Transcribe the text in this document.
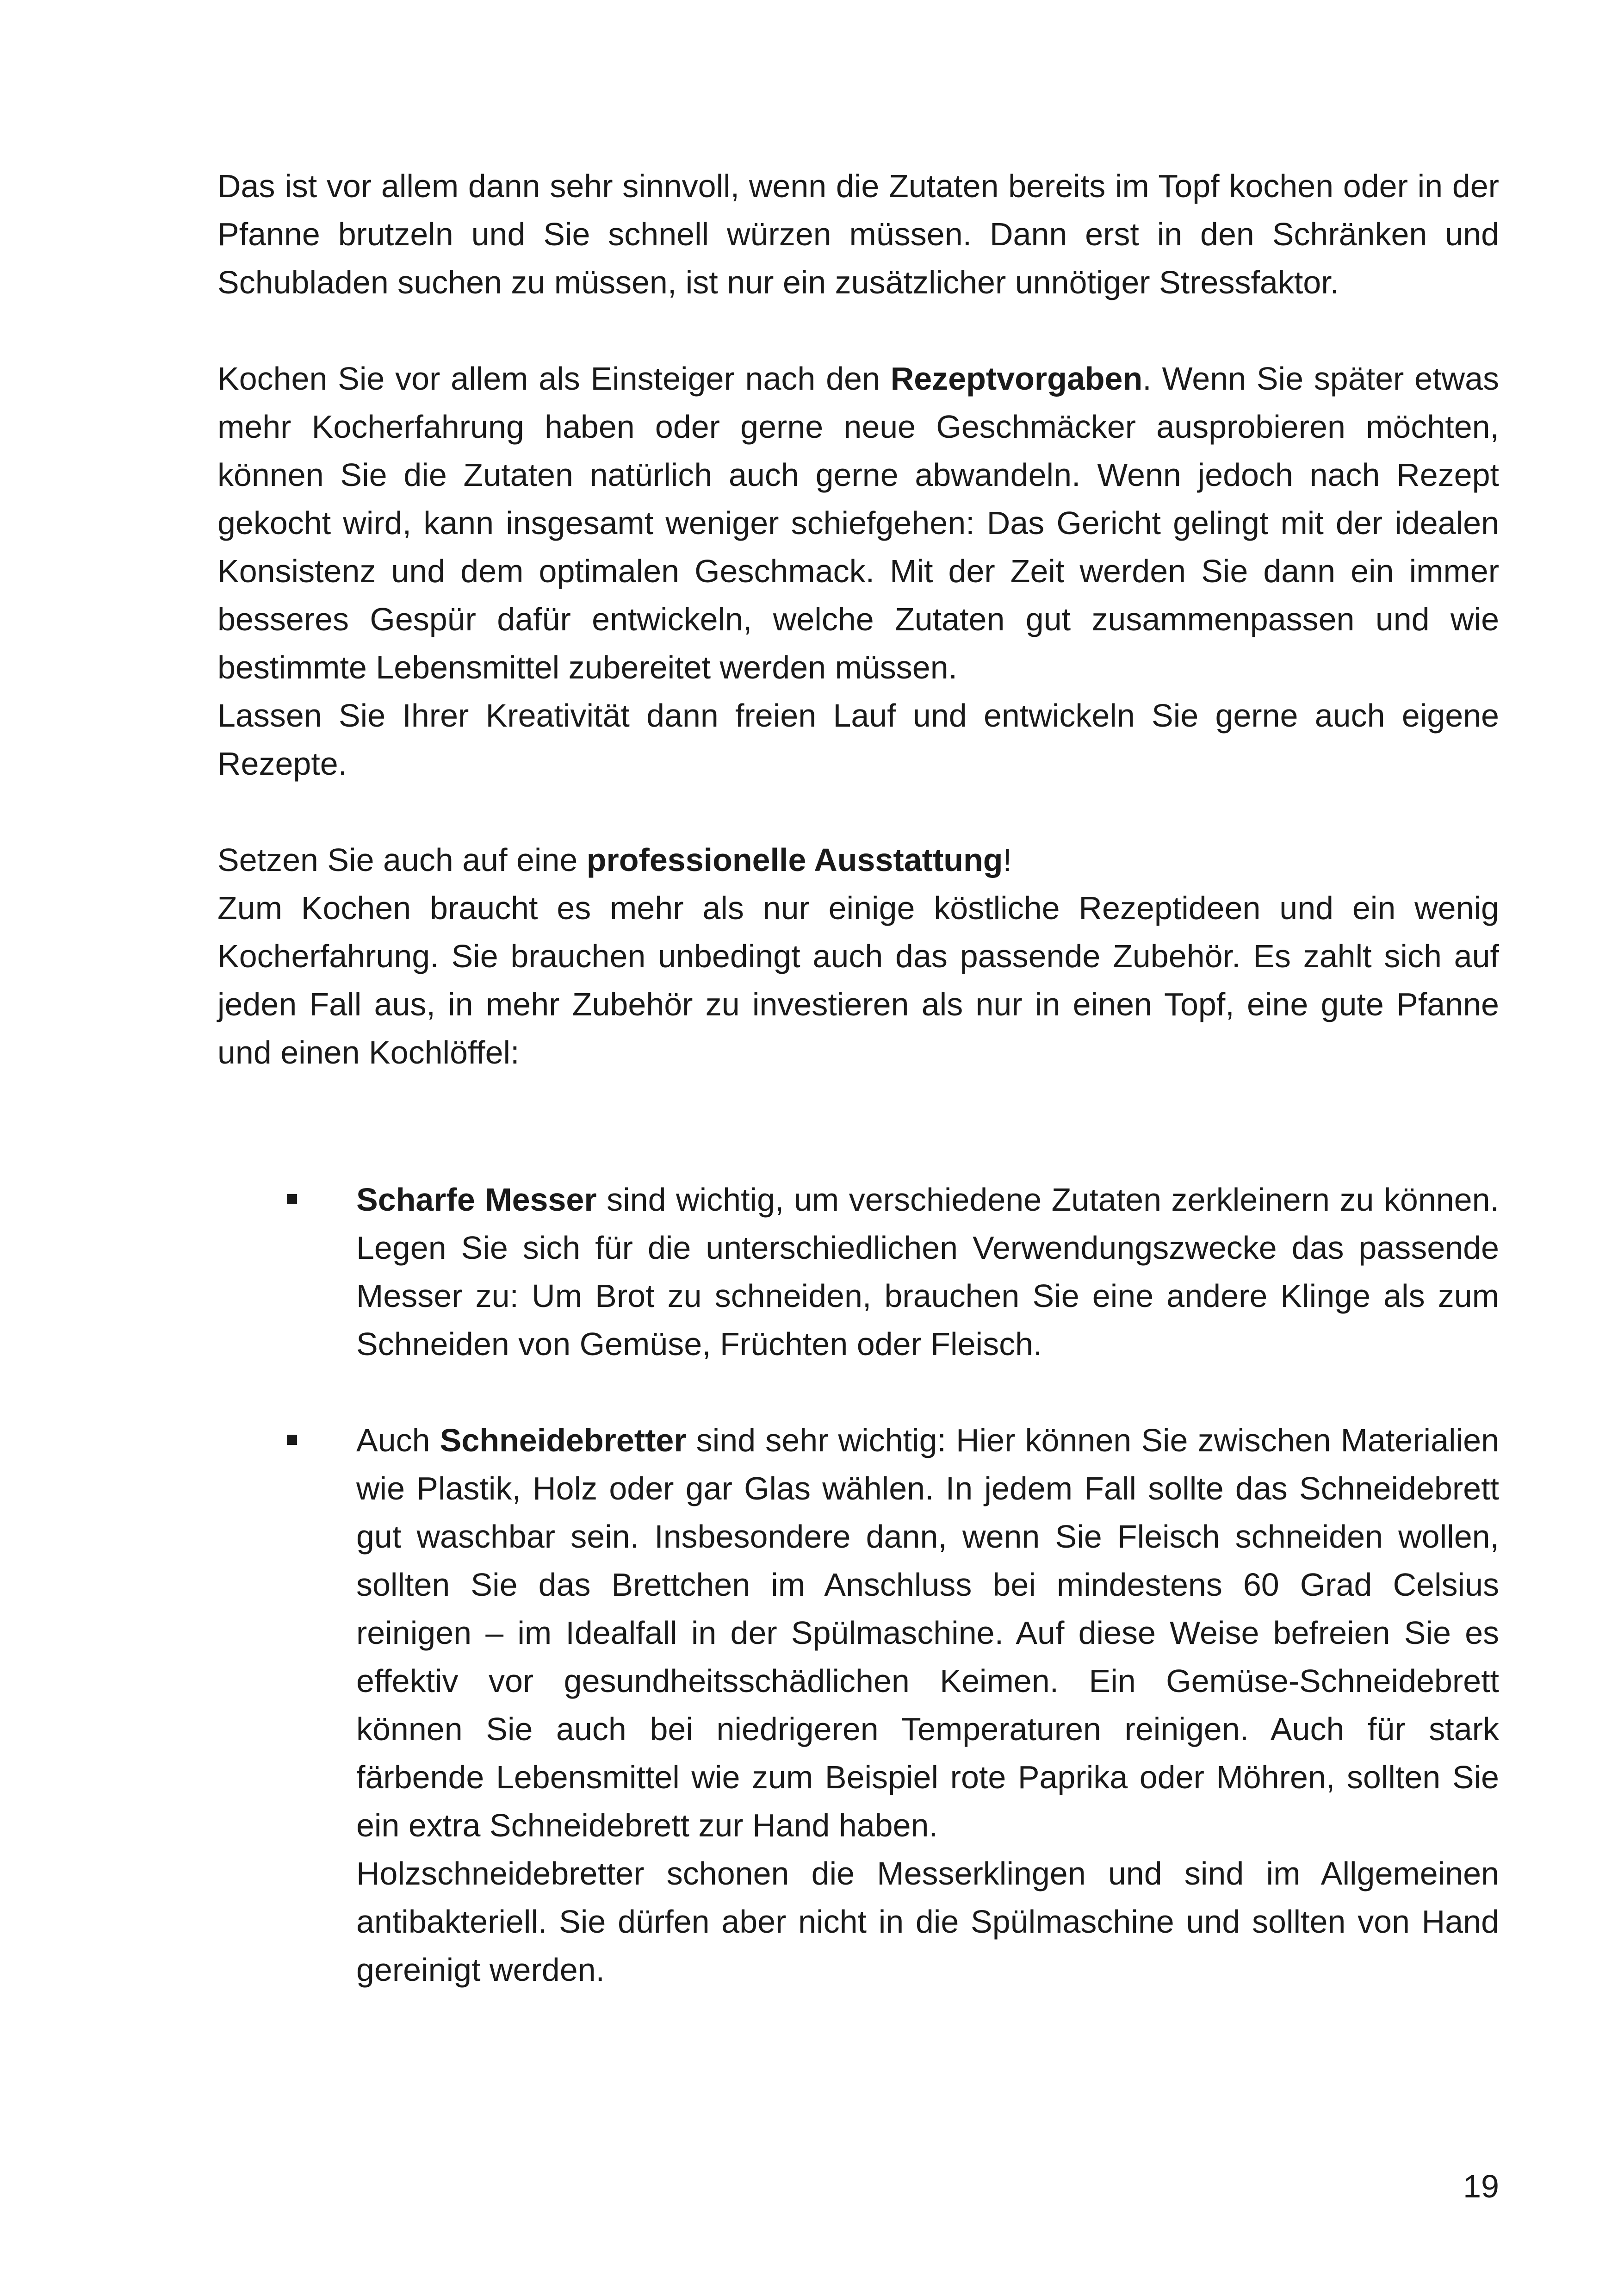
Das ist vor allem dann sehr sinnvoll, wenn die Zutaten bereits im Topf kochen oder in der Pfanne brutzeln und Sie schnell würzen müssen. Dann erst in den Schränken und Schubladen suchen zu müssen, ist nur ein zusätzlicher unnötiger Stressfaktor.

Kochen Sie vor allem als Einsteiger nach den Rezeptvorgaben. Wenn Sie später etwas mehr Kocherfahrung haben oder gerne neue Geschmäcker ausprobieren möchten, können Sie die Zutaten natürlich auch gerne abwandeln. Wenn jedoch nach Rezept gekocht wird, kann insgesamt weniger schiefgehen: Das Gericht gelingt mit der idealen Konsistenz und dem optimalen Geschmack. Mit der Zeit werden Sie dann ein immer besseres Gespür dafür entwickeln, welche Zutaten gut zusammenpassen und wie bestimmte Lebensmittel zubereitet werden müssen.

Lassen Sie Ihrer Kreativität dann freien Lauf und entwickeln Sie gerne auch eigene Rezepte.

Setzen Sie auch auf eine professionelle Ausstattung!

Zum Kochen braucht es mehr als nur einige köstliche Rezeptideen und ein wenig Kocherfahrung. Sie brauchen unbedingt auch das passende Zubehör. Es zahlt sich auf jeden Fall aus, in mehr Zubehör zu investieren als nur in einen Topf, eine gute Pfanne und einen Kochlöffel:

Scharfe Messer sind wichtig, um verschiedene Zutaten zerkleinern zu können. Legen Sie sich für die unterschiedlichen Verwendungszwecke das passende Messer zu: Um Brot zu schneiden, brauchen Sie eine andere Klinge als zum Schneiden von Gemüse, Früchten oder Fleisch.

Auch Schneidebretter sind sehr wichtig: Hier können Sie zwischen Materialien wie Plastik, Holz oder gar Glas wählen. In jedem Fall sollte das Schneidebrett gut waschbar sein. Insbesondere dann, wenn Sie Fleisch schneiden wollen, sollten Sie das Brettchen im Anschluss bei mindestens 60 Grad Celsius reinigen – im Idealfall in der Spülmaschine. Auf diese Weise befreien Sie es effektiv vor gesundheitsschädlichen Keimen. Ein Gemüse-Schneidebrett können Sie auch bei niedrigeren Temperaturen reinigen. Auch für stark färbende Lebensmittel wie zum Beispiel rote Paprika oder Möhren, sollten Sie ein extra Schneidebrett zur Hand haben.

Holzschneidebretter schonen die Messerklingen und sind im Allgemeinen antibakteriell. Sie dürfen aber nicht in die Spülmaschine und sollten von Hand gereinigt werden.

19
